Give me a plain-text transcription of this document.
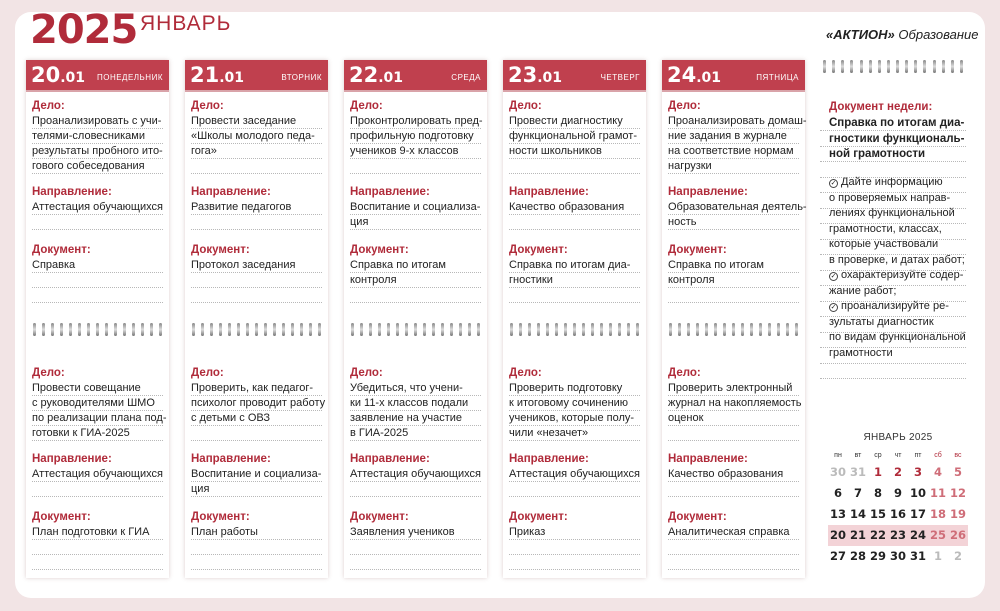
2025 ЯНВАРЬ	«АКТИОН» Образование
20.01 ПОНЕДЕЛЬНИК
Дело:
Проанализировать с учи-
телями-словесниками
результаты пробного ито-
гового собеседования
Направление:
Аттестация обучающихся
Документ:
Справка
Дело:
Провести совещание
с руководителями ШМО
по реализации плана под-
готовки к ГИА-2025
Направление:
Аттестация обучающихся
Документ:
План подготовки к ГИА
21.01	ВТОРНИК
Дело:
Провести заседание
«Школы молодого педа-
гога»
Направление:
Развитие педагогов
Документ:
Протокол заседания
Дело:
Проверить, как педагог-
психолог проводит работу
с детьми с ОВЗ
Направление:
Воспитание и социализа-
ция
Документ:
План работы
22.01	СРЕДА
Дело:
Проконтролировать пред-
профильную подготовку
учеников 9-х классов
Направление:
Воспитание и социализа-
ция
Документ:
Справка по итогам
контроля
Дело:
Убедиться, что учени-
ки 11-х классов подали
заявление на участие
в ГИА-2025
Направление:
Аттестация обучающихся
Документ:
Заявления учеников
23.01	ЧЕТВЕРГ
Дело:
Провести диагностику
функциональной грамот-
ности школьников
Направление:
Качество образования
Документ:
Справка по итогам диа-
гностики
Дело:
Проверить подготовку
к итоговому сочинению
учеников, которые полу-
чили «незачет»
Направление:
Аттестация обучающихся
Документ:
Приказ
24.01	ПЯТНИЦА
Дело:
Проанализировать домаш-
ние задания в журнале
на соответствие нормам
нагрузки
Направление:
Образовательная деятель-
ность
Документ:
Справка по итогам
контроля
Дело:
Проверить электронный
журнал на накопляемость
оценок
Направление:
Качество образования
Документ:
Аналитическая справка
Документ недели:
Справка по итогам диа-
гностики функциональ-
ной грамотности
✓ Дайте информацию
о проверяемых направ-
лениях функциональной
грамотности, классах,
которые участвовали
в проверке, и датах работ;
✓ охарактеризуйте содер-
жание работ;
✓ проанализируйте ре-
зультаты диагностик
по видам функциональной
грамотности
ЯНВАРЬ 2025
пн	вт	ср	чт	пт	сб	вс
30 31 1	2	3	4	5
6	7	8	9 10 11 12
13 14 15 16 17 18 19
20 21 22 23 24 25 26
27 28 29 30 31 1	2
